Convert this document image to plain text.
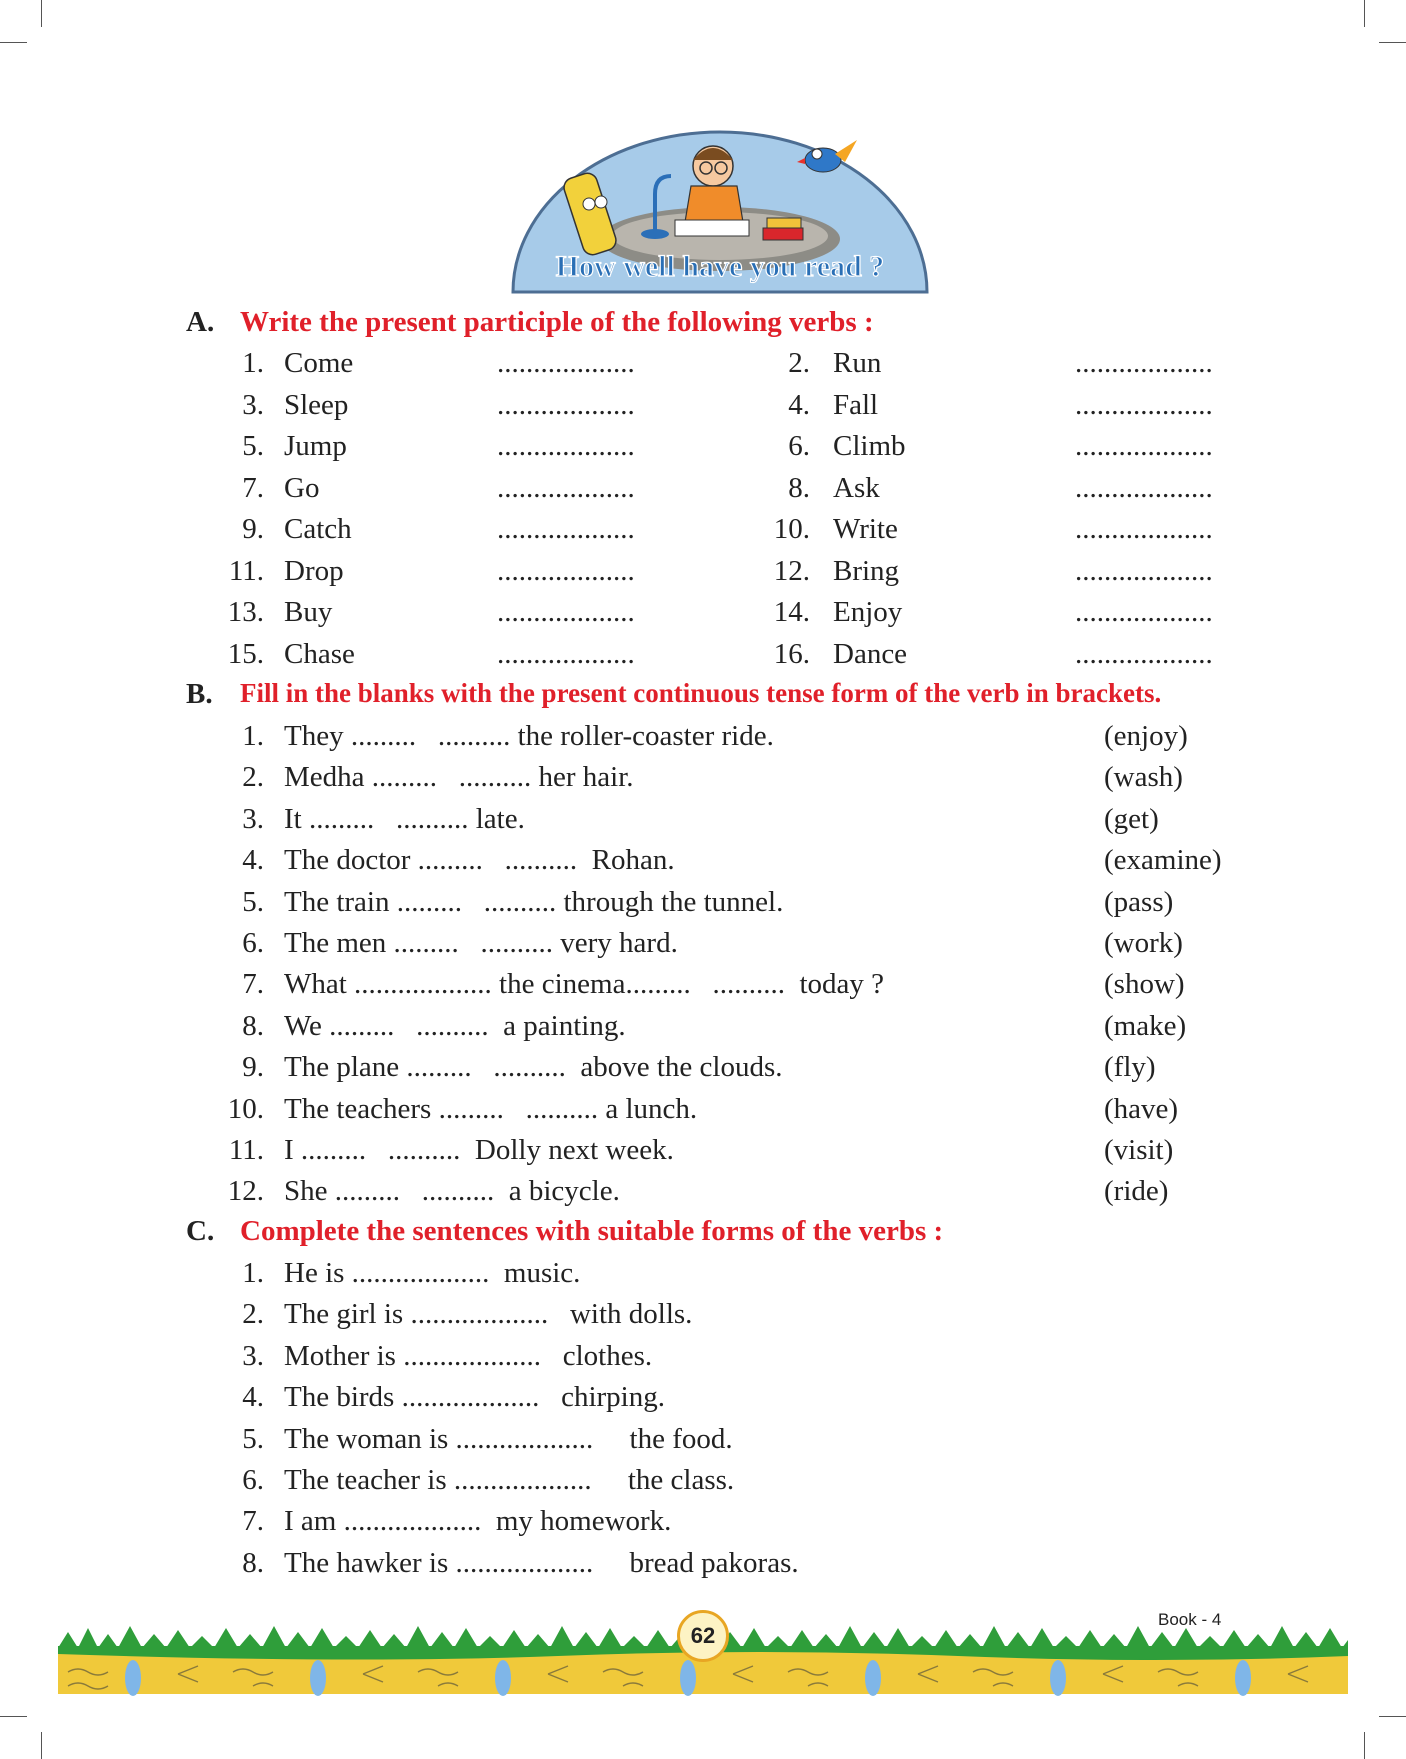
How well have you read ?
A. Write the present participle of the following verbs :
1. Come	...................	2. Run	...................
3. Sleep	...................	4. Fall	...................
5. Jump	...................	6. Climb	...................
7. Go	...................	8. Ask	...................
9. Catch	...................	10. Write	...................
11. Drop	...................	12. Bring	...................
13. Buy	...................	14. Enjoy	...................
15. Chase	...................	16. Dance	...................
B. Fill in the blanks with the present continuous tense form of the verb in brackets.
1. They .........   .......... the roller-coaster ride.	(enjoy)
2. Medha .........   .......... her hair.	(wash)
3. It .........   .......... late.	(get)
4. The doctor .........   ..........  Rohan.	(examine)
5. The train .........   .......... through the tunnel.	(pass)
6. The men .........   .......... very hard.	(work)
7. What ................... the cinema.........   ..........  today ?	(show)
8. We .........   ..........  a painting.	(make)
9. The plane .........   ..........  above the clouds.	(fly)
10. The teachers .........   .......... a lunch.	(have)
11. I .........   ..........  Dolly next week.	(visit)
12. She .........   ..........  a bicycle.	(ride)
C. Complete the sentences with suitable forms of the verbs :
1. He is ...................  music.
2. The girl is ...................   with dolls.
3. Mother is ...................   clothes.
4. The birds ...................   chirping.
5. The woman is ...................     the food.
6. The teacher is ...................     the class.
7. I am ...................  my homework.
8. The hawker is ...................     bread pakoras.
62
Book - 4
